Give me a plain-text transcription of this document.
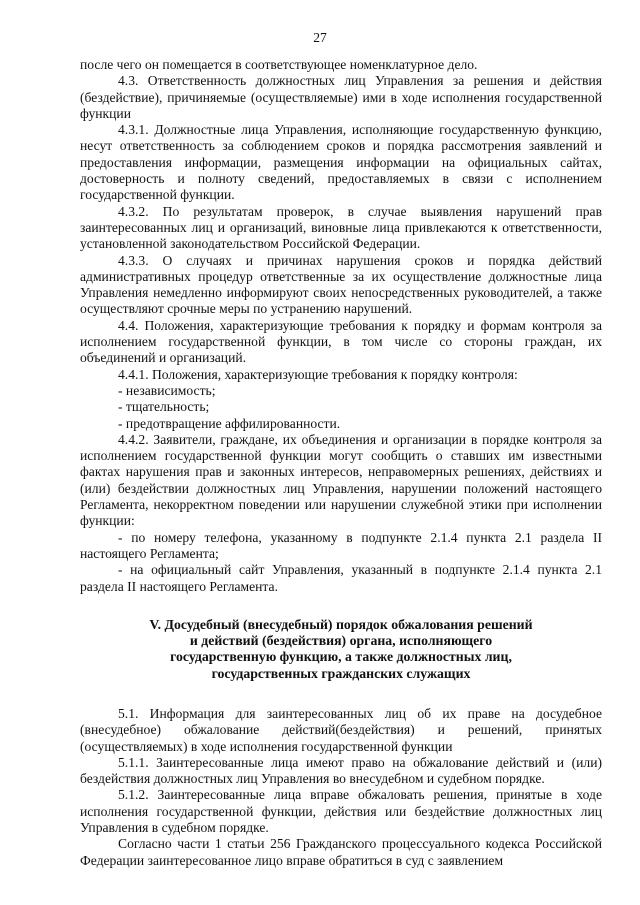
27

после чего он помещается в соответствующее номенклатурное дело.

4.3. Ответственность должностных лиц Управления за решения и действия (бездействие), причиняемые (осуществляемые) ими в ходе исполнения государственной функции

4.3.1. Должностные лица Управления, исполняющие государственную функцию, несут ответственность за соблюдением сроков и порядка рассмотрения заявлений и предоставления информации, размещения информации на официальных сайтах, достоверность и полноту сведений, предоставляемых в связи с исполнением государственной функции.

4.3.2. По результатам проверок, в случае выявления нарушений прав заинтересованных лиц и организаций, виновные лица привлекаются к ответственности, установленной законодательством Российской Федерации.

4.3.3. О случаях и причинах нарушения сроков и порядка действий административных процедур ответственные за их осуществление должностные лица Управления немедленно информируют своих непосредственных руководителей, а также осуществляют срочные меры по устранению нарушений.

4.4. Положения, характеризующие требования к порядку и формам контроля за исполнением государственной функции, в том числе со стороны граждан, их объединений и организаций.

4.4.1. Положения, характеризующие требования к порядку контроля:

- независимость;

- тщательность;

- предотвращение аффилированности.

4.4.2. Заявители, граждане, их объединения и организации в порядке контроля за исполнением государственной функции могут сообщить о ставших им известными фактах нарушения прав и законных интересов, неправомерных решениях, действиях и (или) бездействии должностных лиц Управления, нарушении положений настоящего Регламента, некорректном поведении или нарушении служебной этики при исполнении функции:

- по номеру телефона, указанному в подпункте 2.1.4 пункта 2.1 раздела II настоящего Регламента;

- на официальный сайт Управления, указанный в подпункте 2.1.4 пункта 2.1 раздела II настоящего Регламента.

V. Досудебный (внесудебный) порядок обжалования решений
и действий (бездействия) органа, исполняющего
государственную функцию, а также должностных лиц,
государственных гражданских служащих

5.1. Информация для заинтересованных лиц об их праве на досудебное (внесудебное) обжалование действий(бездействия) и решений, принятых (осуществляемых) в ходе исполнения государственной функции

5.1.1. Заинтересованные лица имеют право на обжалование действий и (или) бездействия должностных лиц Управления во внесудебном и судебном порядке.

5.1.2. Заинтересованные лица вправе обжаловать решения, принятые в ходе исполнения государственной функции, действия или бездействие должностных лиц Управления в судебном порядке.

Согласно части 1 статьи 256 Гражданского процессуального кодекса Российской Федерации заинтересованное лицо вправе обратиться в суд с заявлением
